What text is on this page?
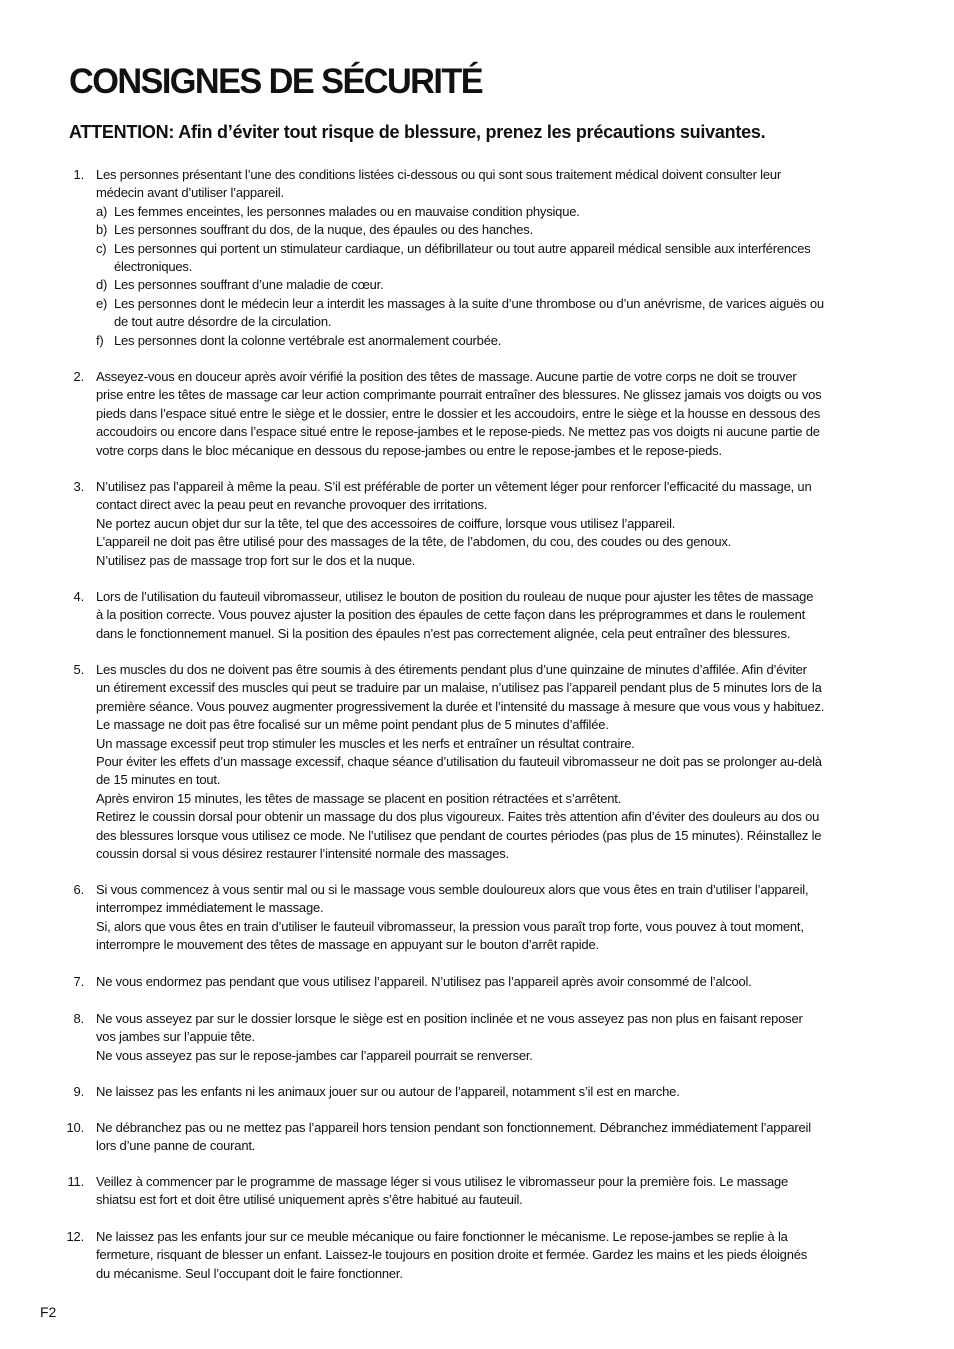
CONSIGNES DE SÉCURITÉ
ATTENTION: Afin d’éviter tout risque de blessure, prenez les précautions suivantes.
1. Les personnes présentant l’une des conditions listées ci-dessous ou qui sont sous traitement médical doivent consulter leur
médecin avant d’utiliser l’appareil.
a) Les femmes enceintes, les personnes malades ou en mauvaise condition physique.
b) Les personnes souffrant du dos, de la nuque, des épaules ou des hanches.
c) Les personnes qui portent un stimulateur cardiaque, un défibrillateur ou tout autre appareil médical sensible aux interférences
électroniques.
d) Les personnes souffrant d’une maladie de cœur.
e) Les personnes dont le médecin leur a interdit les massages à la suite d’une thrombose ou d’un anévrisme, de varices aiguës ou
de tout autre désordre de la circulation.
f) Les personnes dont la colonne vertébrale est anormalement courbée.
2. Asseyez-vous en douceur après avoir vérifié la position des têtes de massage. Aucune partie de votre corps ne doit se trouver
prise entre les têtes de massage car leur action comprimante pourrait entraîner des blessures. Ne glissez jamais vos doigts ou vos
pieds dans l’espace situé entre le siège et le dossier, entre le dossier et les accoudoirs, entre le siège et la housse en dessous des
accoudoirs ou encore dans l’espace situé entre le repose-jambes et le repose-pieds. Ne mettez pas vos doigts ni aucune partie de
votre corps dans le bloc mécanique en dessous du repose-jambes ou entre le repose-jambes et le repose-pieds.
3. N’utilisez pas l’appareil à même la peau. S’il est préférable de porter un vêtement léger pour renforcer l’efficacité du massage, un
contact direct avec la peau peut en revanche provoquer des irritations.
Ne portez aucun objet dur sur la tête, tel que des accessoires de coiffure, lorsque vous utilisez l’appareil.
L’appareil ne doit pas être utilisé pour des massages de la tête, de l’abdomen, du cou, des coudes ou des genoux.
N’utilisez pas de massage trop fort sur le dos et la nuque.
4. Lors de l’utilisation du fauteuil vibromasseur, utilisez le bouton de position du rouleau de nuque pour ajuster les têtes de massage
à la position correcte. Vous pouvez ajuster la position des épaules de cette façon dans les préprogrammes et dans le roulement
dans le fonctionnement manuel. Si la position des épaules n’est pas correctement alignée, cela peut entraîner des blessures.
5. Les muscles du dos ne doivent pas être soumis à des étirements pendant plus d’une quinzaine de minutes d’affilée. Afin d’éviter
un étirement excessif des muscles qui peut se traduire par un malaise, n’utilisez pas l’appareil pendant plus de 5 minutes lors de la
première séance. Vous pouvez augmenter progressivement la durée et l’intensité du massage à mesure que vous vous y habituez.
Le massage ne doit pas être focalisé sur un même point pendant plus de 5 minutes d’affilée.
Un massage excessif peut trop stimuler les muscles et les nerfs et entraîner un résultat contraire.
Pour éviter les effets d’un massage excessif, chaque séance d’utilisation du fauteuil vibromasseur ne doit pas se prolonger au-delà
de 15 minutes en tout.
Après environ 15 minutes, les têtes de massage se placent en position rétractées et s’arrêtent.
Retirez le coussin dorsal pour obtenir un massage du dos plus vigoureux. Faites très attention afin d’éviter des douleurs au dos ou
des blessures lorsque vous utilisez ce mode. Ne l’utilisez que pendant de courtes périodes (pas plus de 15 minutes). Réinstallez le
coussin dorsal si vous désirez restaurer l’intensité normale des massages.
6. Si vous commencez à vous sentir mal ou si le massage vous semble douloureux alors que vous êtes en train d’utiliser l’appareil,
interrompez immédiatement le massage.
Si, alors que vous êtes en train d’utiliser le fauteuil vibromasseur, la pression vous paraît trop forte, vous pouvez à tout moment,
interrompre le mouvement des têtes de massage en appuyant sur le bouton d’arrêt rapide.
7. Ne vous endormez pas pendant que vous utilisez l’appareil. N’utilisez pas l’appareil après avoir consommé de l’alcool.
8. Ne vous asseyez par sur le dossier lorsque le siège est en position inclinée et ne vous asseyez pas non plus en faisant reposer
vos jambes sur l’appuie tête.
Ne vous asseyez pas sur le repose-jambes car l’appareil pourrait se renverser.
9. Ne laissez pas les enfants ni les animaux jouer sur ou autour de l’appareil, notamment s’il est en marche.
10. Ne débranchez pas ou ne mettez pas l’appareil hors tension pendant son fonctionnement. Débranchez immédiatement l’appareil
lors d’une panne de courant.
11. Veillez à commencer par le programme de massage léger si vous utilisez le vibromasseur pour la première fois. Le massage
shiatsu est fort et doit être utilisé uniquement après s’être habitué au fauteuil.
12. Ne laissez pas les enfants jour sur ce meuble mécanique ou faire fonctionner le mécanisme. Le repose-jambes se replie à la
fermeture, risquant de blesser un enfant. Laissez-le toujours en position droite et fermée. Gardez les mains et les pieds éloignés
du mécanisme. Seul l’occupant doit le faire fonctionner.
F2
